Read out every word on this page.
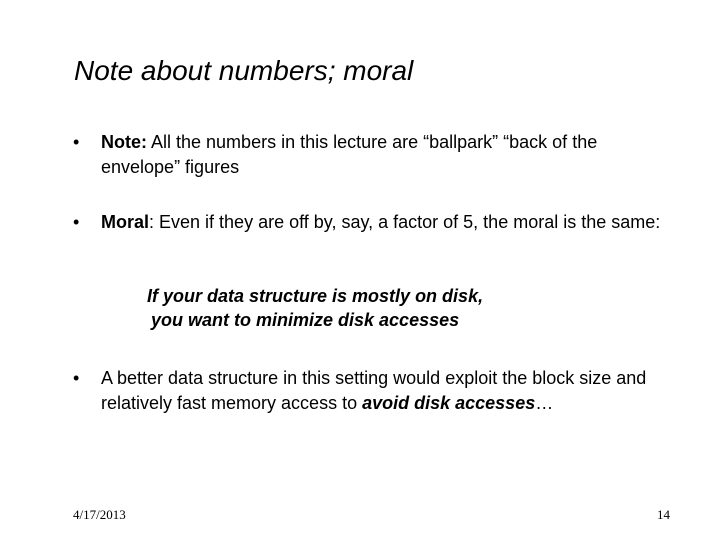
Note about numbers; moral
•	Note: All the numbers in this lecture are “ballpark” “back of the envelope” figures
•	Moral: Even if they are off by, say, a factor of 5, the moral is the same:
If your data structure is mostly on disk,
you want to minimize disk accesses
•	A better data structure in this setting would exploit the block size and relatively fast memory access to avoid disk accesses…
4/17/2013	14
